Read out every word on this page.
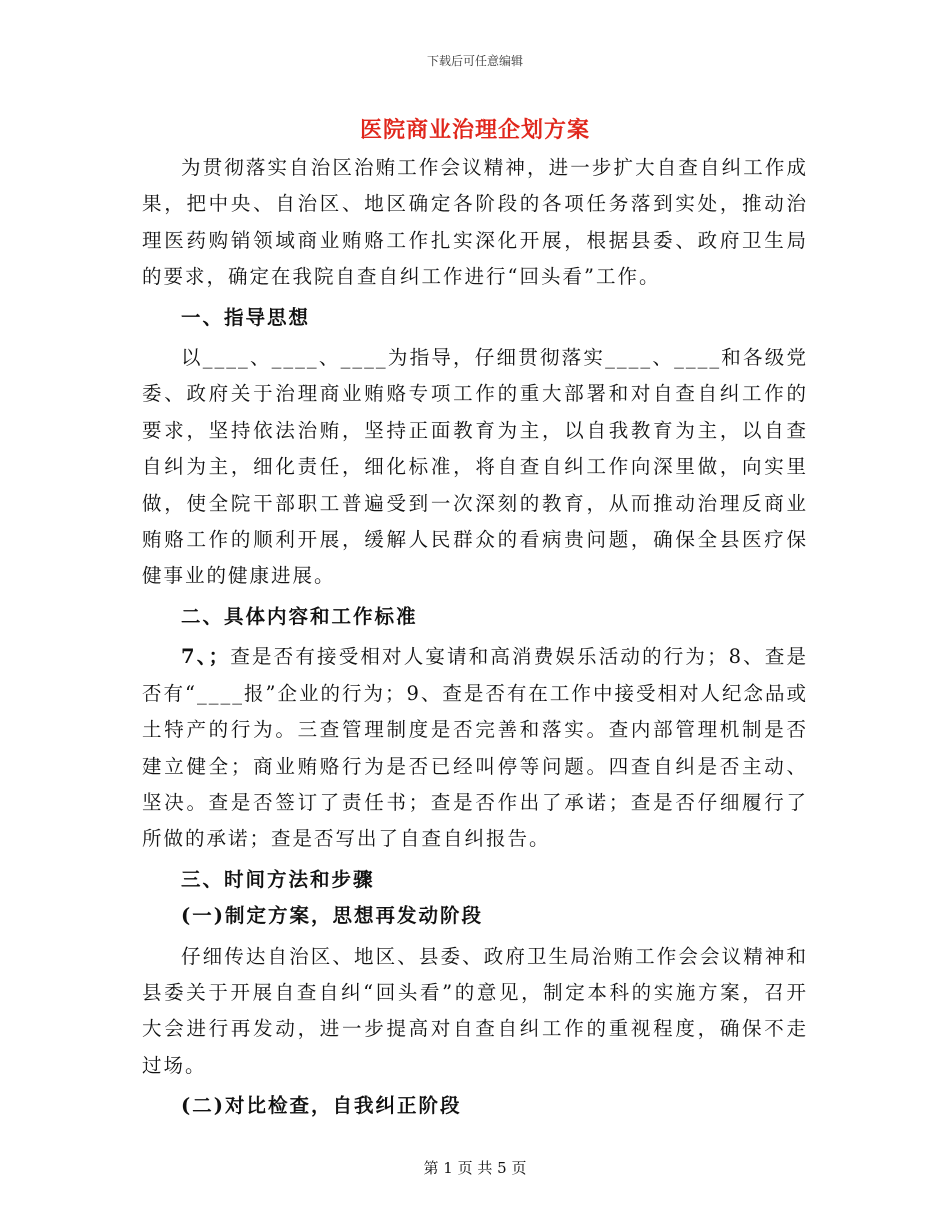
下载后可任意编辑
医院商业治理企划方案

为贯彻落实自治区治贿工作会议精神，进一步扩大自查自纠工作成果，把中央、自治区、地区确定各阶段的各项任务落到实处，推动治理医药购销领域商业贿赂工作扎实深化开展，根据县委、政府卫生局的要求，确定在我院自查自纠工作进行“回头看”工作。

一、指导思想

以____、____、____为指导，仔细贯彻落实____、____和各级党委、政府关于治理商业贿赂专项工作的重大部署和对自查自纠工作的要求，坚持依法治贿，坚持正面教育为主，以自我教育为主，以自查自纠为主，细化责任，细化标准，将自查自纠工作向深里做，向实里做，使全院干部职工普遍受到一次深刻的教育，从而推动治理反商业贿赂工作的顺利开展，缓解人民群众的看病贵问题，确保全县医疗保健事业的健康进展。

二、具体内容和工作标准

7、；查是否有接受相对人宴请和高消费娱乐活动的行为；8、查是否有“____报”企业的行为；9、查是否有在工作中接受相对人纪念品或土特产的行为。三查管理制度是否完善和落实。查内部管理机制是否建立健全；商业贿赂行为是否已经叫停等问题。四查自纠是否主动、坚决。查是否签订了责任书；查是否作出了承诺；查是否仔细履行了所做的承诺；查是否写出了自查自纠报告。

三、时间方法和步骤
(一)制定方案，思想再发动阶段

仔细传达自治区、地区、县委、政府卫生局治贿工作会会议精神和县委关于开展自查自纠“回头看”的意见，制定本科的实施方案，召开大会进行再发动，进一步提高对自查自纠工作的重视程度，确保不走过场。

(二)对比检查，自我纠正阶段
第 1 页 共 5 页
